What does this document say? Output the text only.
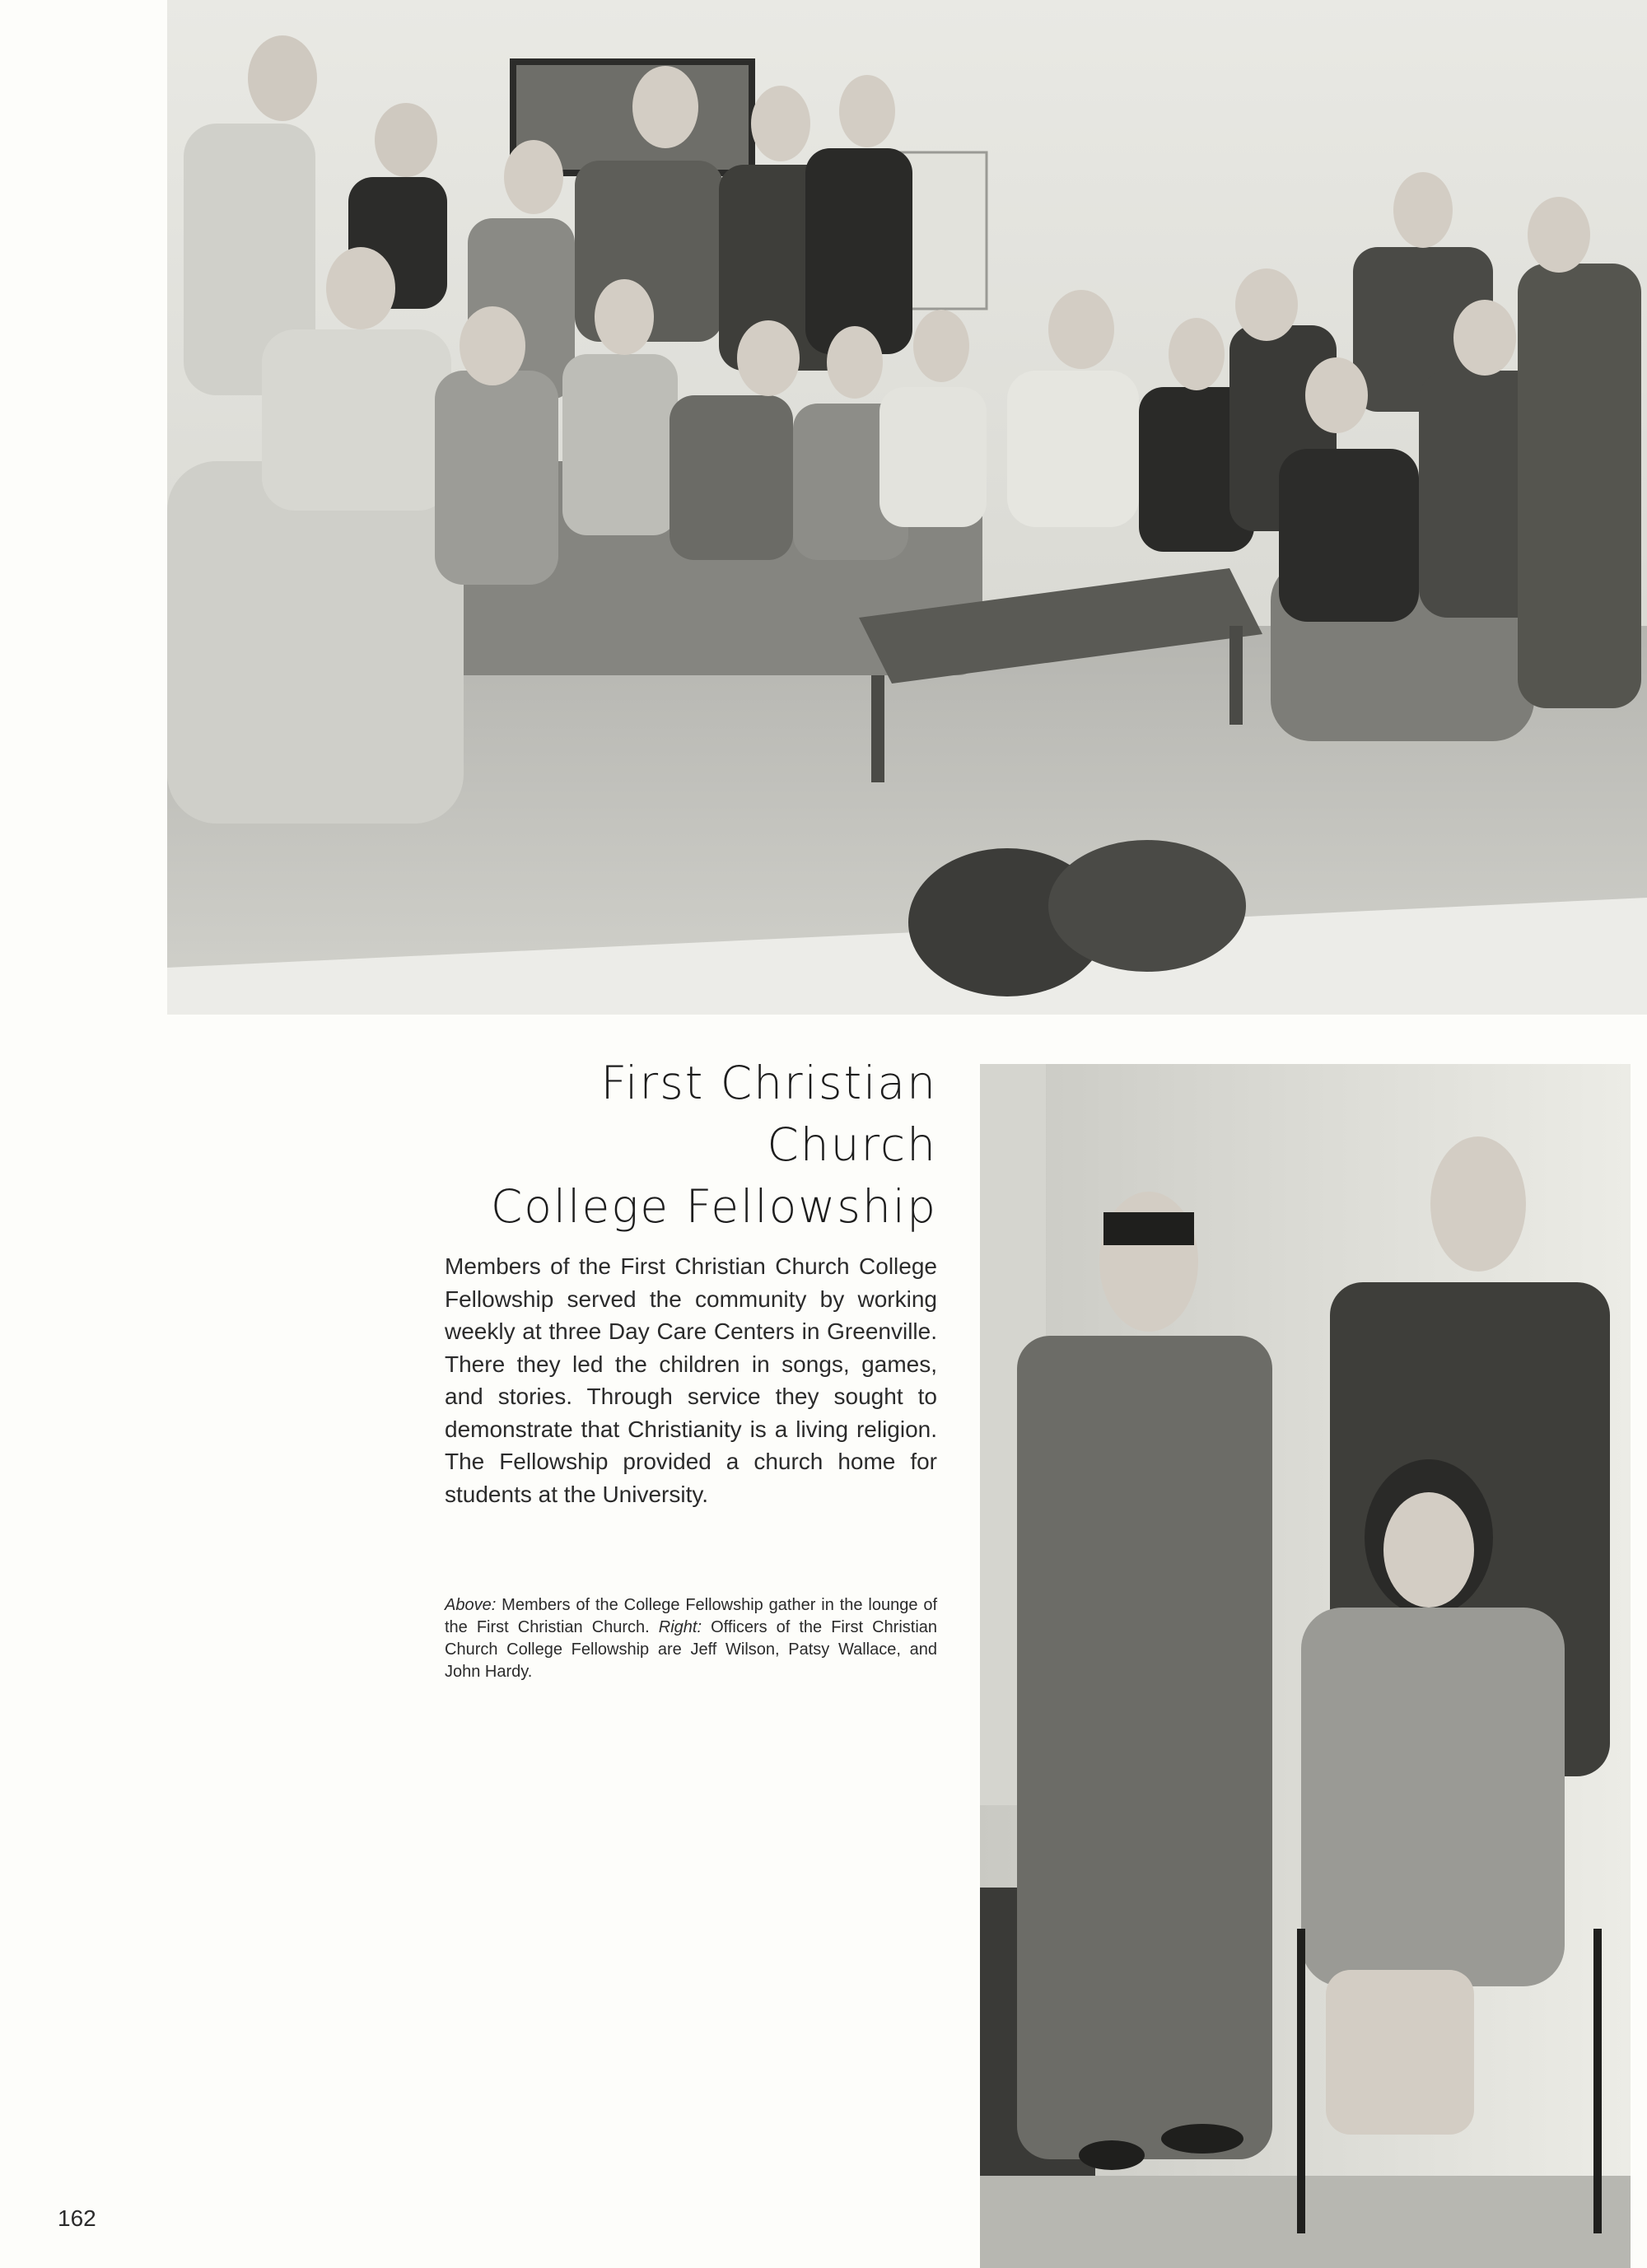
First Christian
Church
College Fellowship
Members of the First Christian Church College Fellowship served the community by working weekly at three Day Care Centers in Greenville. There they led the children in songs, games, and stories. Through service they sought to demonstrate that Christianity is a living religion. The Fellowship provided a church home for students at the University.
Above: Members of the College Fellowship gather in the lounge of the First Christian Church. Right: Officers of the First Christian Church College Fellowship are Jeff Wilson, Patsy Wallace, and John Hardy.
162
